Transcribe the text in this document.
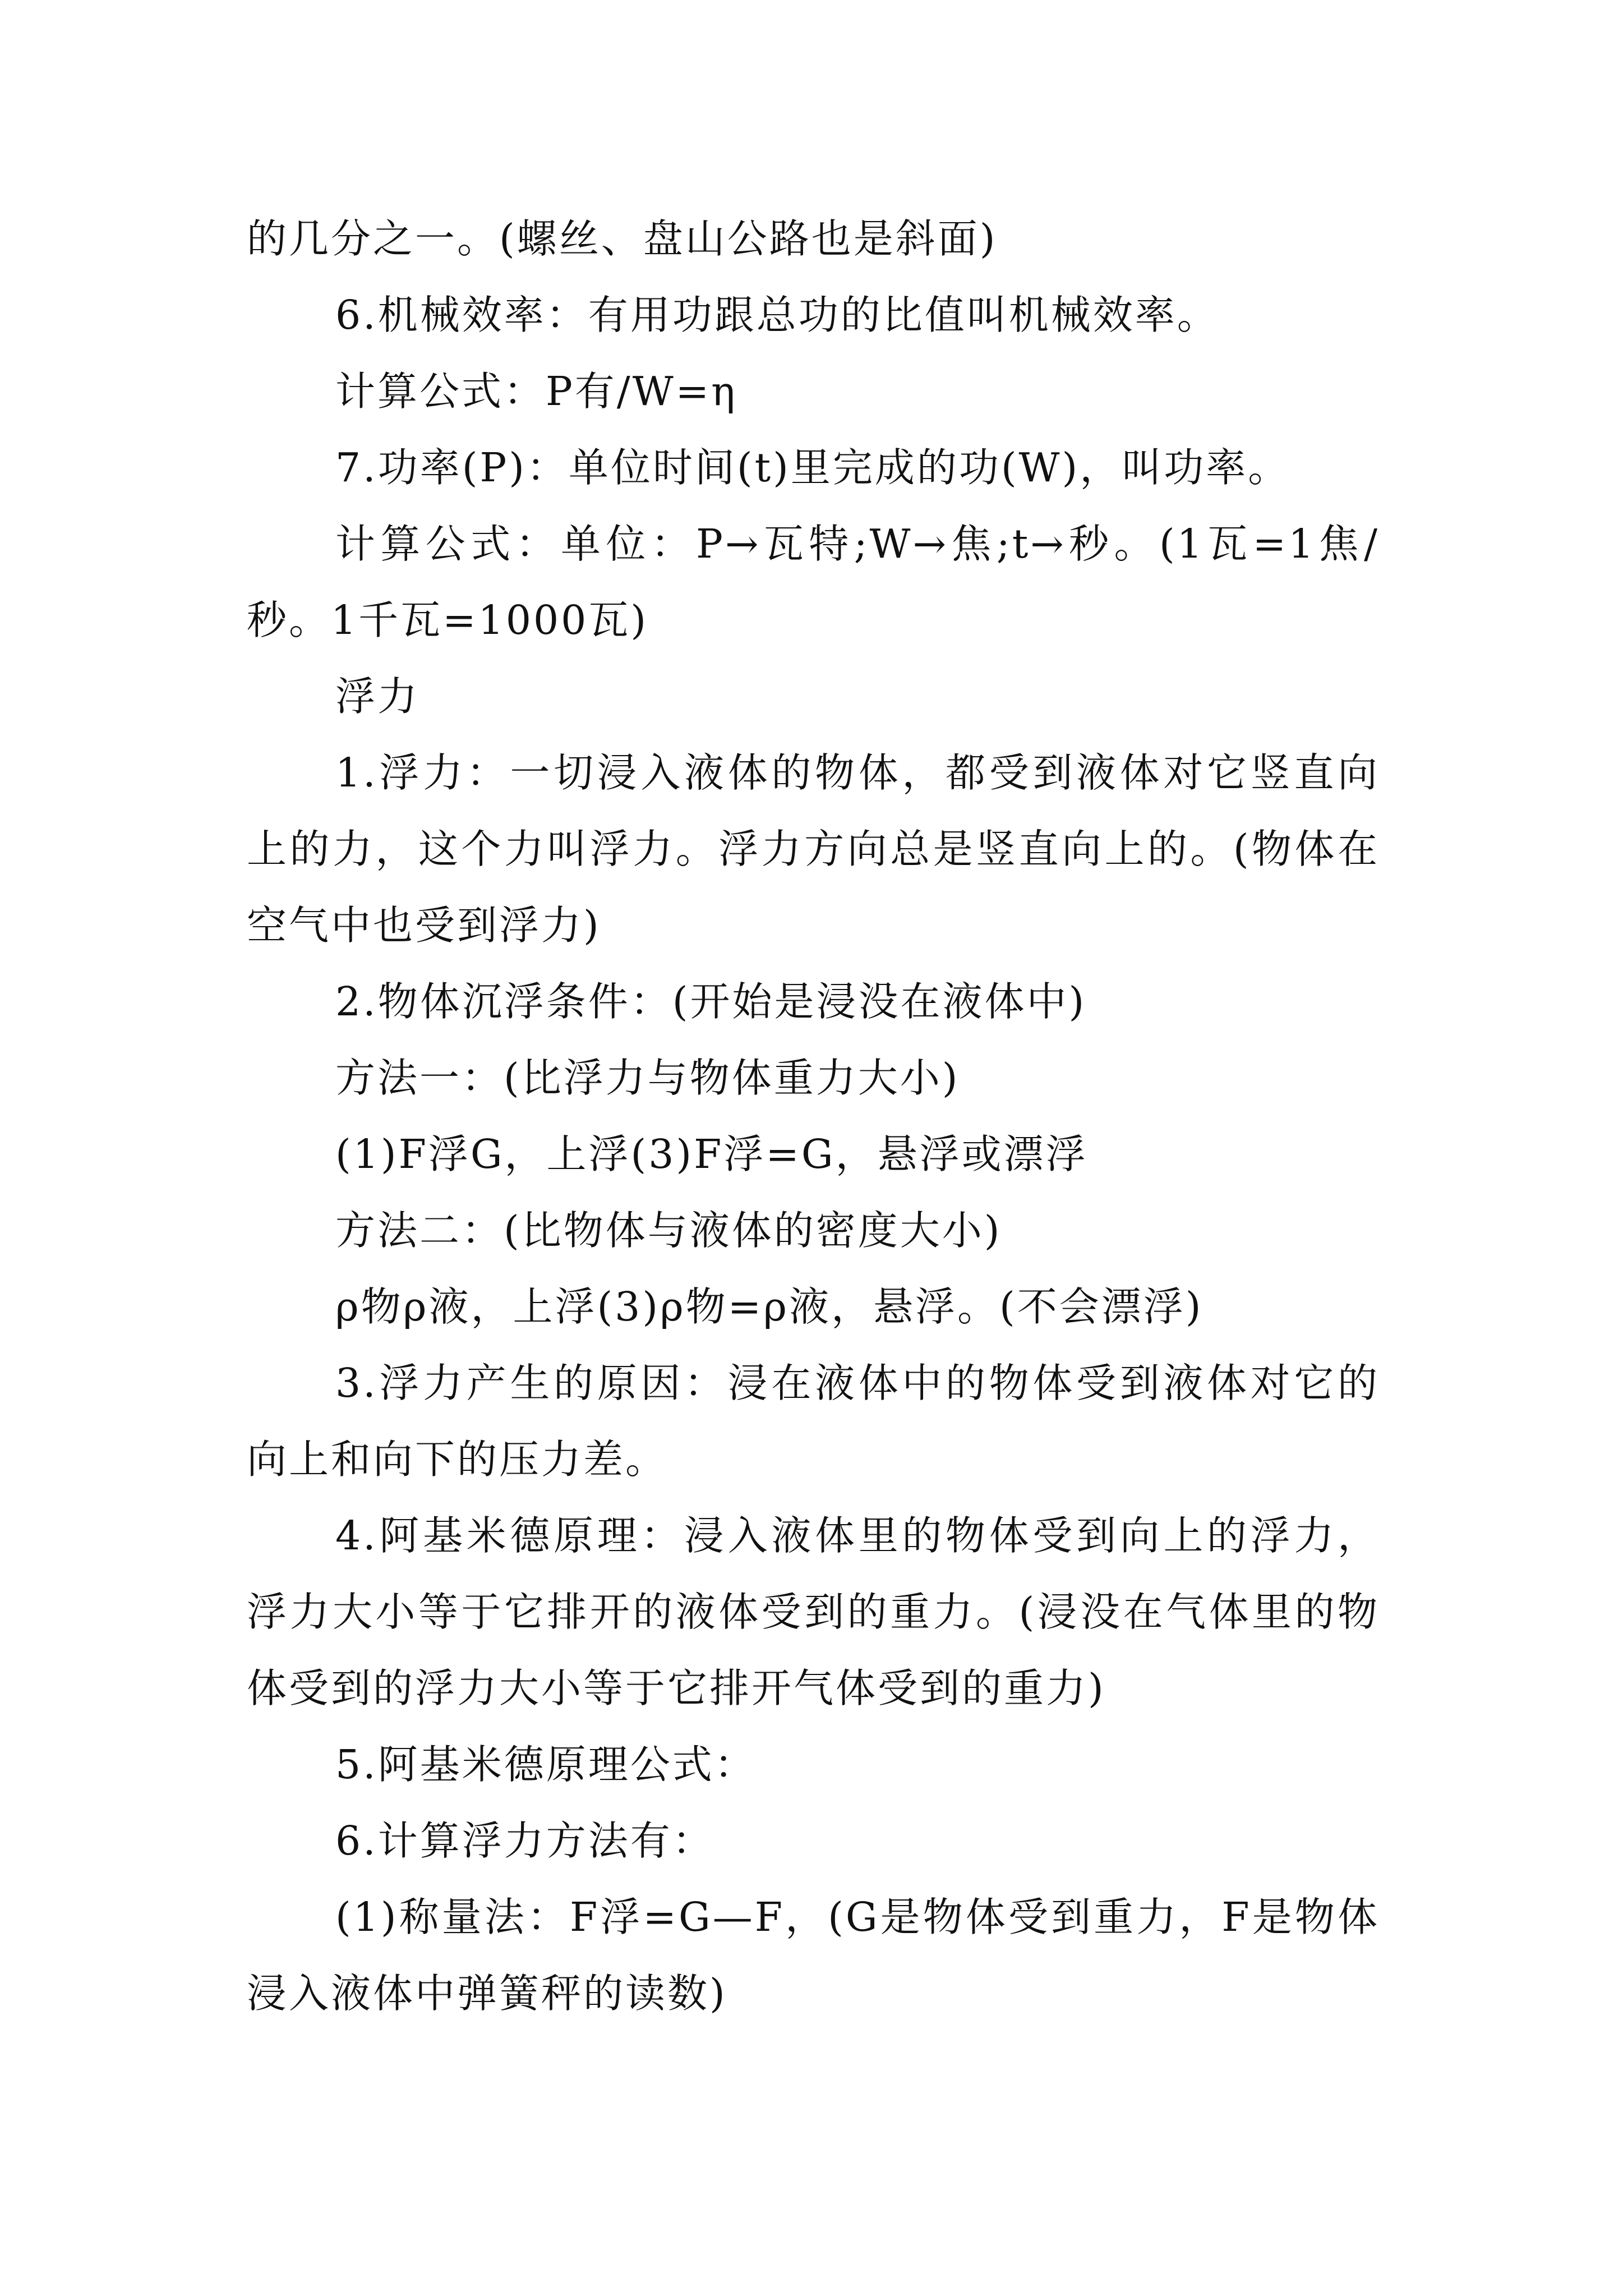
的几分之一。(螺丝、盘山公路也是斜面)

6.机械效率：有用功跟总功的比值叫机械效率。

计算公式：P有/W=η

7.功率(P)：单位时间(t)里完成的功(W)，叫功率。

计算公式：单位：P→瓦特;W→焦;t→秒。(1瓦=1焦/秒。1千瓦=1000瓦)

浮力

1.浮力：一切浸入液体的物体，都受到液体对它竖直向上的力，这个力叫浮力。浮力方向总是竖直向上的。(物体在空气中也受到浮力)

2.物体沉浮条件：(开始是浸没在液体中)

方法一：(比浮力与物体重力大小)

(1)F浮G，上浮(3)F浮=G，悬浮或漂浮

方法二：(比物体与液体的密度大小)

ρ物ρ液，上浮(3)ρ物=ρ液，悬浮。(不会漂浮)

3.浮力产生的原因：浸在液体中的物体受到液体对它的向上和向下的压力差。

4.阿基米德原理：浸入液体里的物体受到向上的浮力，浮力大小等于它排开的液体受到的重力。(浸没在气体里的物体受到的浮力大小等于它排开气体受到的重力)

5.阿基米德原理公式：

6.计算浮力方法有：

(1)称量法：F浮=G—F，(G是物体受到重力，F是物体浸入液体中弹簧秤的读数)
